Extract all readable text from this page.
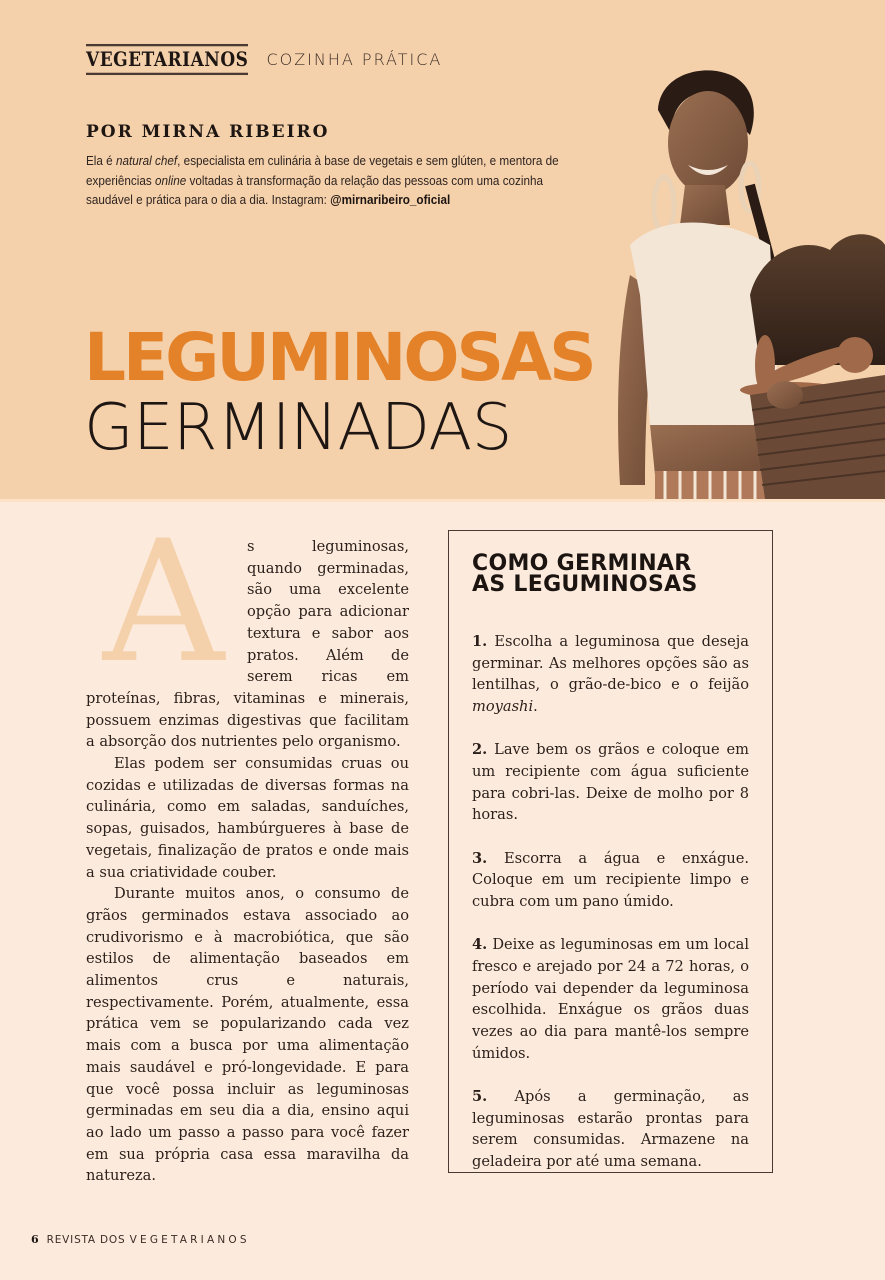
VEGETARIANOS COZINHA PRÁTICA
POR MIRNA RIBEIRO
Ela é natural chef, especialista em culinária à base de vegetais e sem glúten, e mentora de experiências online voltadas à transformação da relação das pessoas com uma cozinha saudável e prática para o dia a dia. Instagram: @mirnaribeiro_oficial
LEGUMINOSAS
GERMINADAS
A	s leguminosas, quando germinadas, são uma excelente opção para adicionar textura e sabor aos pratos. Além de serem ricas em proteínas, fibras, vitaminas e minerais, possuem enzimas digestivas que facilitam a absorção dos nutrientes pelo organismo.

Elas podem ser consumidas cruas ou cozidas e utilizadas de diversas formas na culinária, como em saladas, sanduíches, sopas, guisados, hambúrgueres à base de vegetais, finalização de pratos e onde mais a sua criatividade couber.

Durante muitos anos, o consumo de grãos germinados estava associado ao crudivorismo e à macrobiótica, que são estilos de alimentação baseados em alimentos crus e naturais, respectivamente. Porém, atualmente, essa prática vem se popularizando cada vez mais com a busca por uma alimentação mais saudável e pró-longevidade. E para que você possa incluir as leguminosas germinadas em seu dia a dia, ensino aqui ao lado um passo a passo para você fazer em sua própria casa essa maravilha da natureza.

COMO GERMINAR
AS LEGUMINOSAS
1. Escolha a leguminosa que deseja germinar. As melhores opções são as lentilhas, o grão-de-bico e o feijão moyashi.
2. Lave bem os grãos e coloque em um recipiente com água suficiente para cobri-las. Deixe de molho por 8 horas.
3. Escorra a água e enxágue. Coloque em um recipiente limpo e cubra com um pano úmido.
4. Deixe as leguminosas em um local fresco e arejado por 24 a 72 horas, o período vai depender da leguminosa escolhida. Enxágue os grãos duas vezes ao dia para mantê-los sempre úmidos.
5. Após a germinação, as leguminosas estarão prontas para serem consumidas. Armazene na geladeira por até uma semana.
6 REVISTA DOS VEGETARIANOS
